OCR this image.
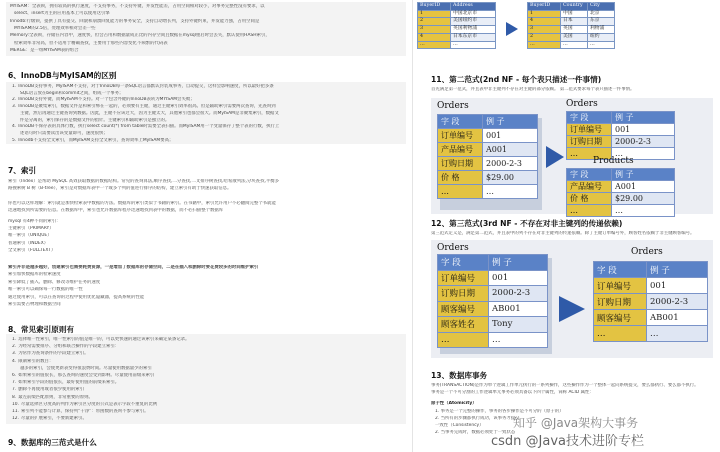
MYISAM：全表锁，拥有较高的执行速度，不支持事务，不支持外键，并发性能差，占用空间相对较小，对事务完整性没有要求，以
select、insert为主的应用基本上可以使用这引擎
Innodb:行级锁，提供了具有提交、回滚和崩溃回复能力的事务安全，支持自动增长列，支持外键约束，并发能力强，占用空间是
MYISAM的2.5倍，处理效率相对会差一些
Memory:全表锁，存储在内容中，速度快，但会占用和数据量成正比的内存空间且数据在mysql重启时会丢失，默认使用HASH索引，
检索效率非常高，但不适用于精确查找，主要用于那些内容变化不频繁的代码表
MERGE：是一组MYISAM表的组合
6、InnoDB与MyISAM的区别
1. InnoDB支持事务，MyISAM不支持，对于InnoDB每一条SQL语言都默认封装成事务，自动提交，这样会影响速度，所以最好把多条
SQL语言放在begin和commit之间，组成一个事务；
2. InnoDB支持外键，而MyISAM不支持。对一个包含外键的InnoDB表转为MYISAM会失败；
3. InnoDB是聚集索引，数据文件是和索引绑在一起的，必须要有主键，通过主键索引效率很高。但是辅助索引需要两次查询，先查询到
主键，然后再通过主键查询到数据。因此，主键不应该过大，因为主键太大，其他索引也都会很大。而MyISAM是非聚集索引，数据文
件是分离的，索引保存的是数据文件的指针。主键索引和辅助索引是独立的。
4. InnoDB不保存表的具体行数，执行select count(*) from table时需要全表扫描。而MyISAM用一个变量保存了整个表的行数，执行上
述语句时只需要读出该变量即可，速度很快；
5. Innodb不支持全文索引，而MyISAM支持全文索引，查询效率上MyISAM要高；
7、索引
索引（Index）是帮助 MySQL 高效获取数据的数据结构。常见的查询算法,顺序查找,二分查找,二叉排序树查找,哈希散列法,分块查找,平衡多
路搜索树 B 树（B-tree），索引是对数据库表中一个或多个列的值进行排序的结构，建立索引有助于快速获取信息。
你也可以这样理解：索引就是加快检索表中数据的方法。数据库的索引类似于书籍的索引。在书籍中，索引允许用户不必翻阅完整个书就能
迅速地找到所需要的信息。在数据库中，索引也允许数据库程序迅速地找到表中的数据，而不必扫描整个数据库
mysql 有4种不同的索引：
主键索引（PRIMARY）
唯一索引（UNIQUE）
普通索引（INDEX）
全文索引（FULLTEXT）
索引并非是越多越好，创建索引也需要耗费资源，一是增加了数据库的存储空间，二是在插入和删除时要花费较多的时间维护索引
索引加快数据库的检索速度
索引降低了插入、删除、修改等维护任务的速度
唯一索引可以确保每一行数据的唯一性
通过使用索引，可以在查询的过程中使用优化隐藏器，提高系统的性能
索引需要占物理和数据空间
8、常见索引原则有
1. 选择唯一性索引，唯一性索引的值是唯一的，可以更快速的通过该索引来确定某条记录。
2. 为经常需要排序、分组和联合操作的字段建立索引：
3. 为常作为查询条件的字段建立索引。
4. 限制索引的数目：
越多的索引，会使更新表变得很浪费时间。尽量使用数据量少的索引
6. 如果索引的值很长，那么查询的速度会受到影响。尽量使用前缀来索引
7. 如果索引字段的值很长，最好使用值的前缀来索引。
7. 删除不再使用或者很少使用的索引
8. 最左前缀匹配原则，非常重要的原则。
10. 尽量选择区分度高的列作为索引区分度的公式是表示字段不重复的比例
11. 索引列不能参与计算，保持列“干净”：带函数的查询不参与索引。
12. 尽量的扩展索引，不要新建索引。
9、数据库的三范式是什么
BuyerID	Address
1	中国北京市
2	美国纽约市
3	英国利物浦
4	日本东京市
…	…
BuyerID	Country	City
1	中国	北京
4	日本	东京
3	英国	利物浦
2	美国	纽约
…	…	…
11、第二范式(2nd NF - 每个表只描述一件事情)
首先满足第一范式，并且表中非主键列不存在对主键的部分依赖。 第二范式要求每个表只描述一件事情。
Orders
字 段	例 子
订单编号	001
产品编号	A001
订购日期	2000-2-3
价 格	$29.00
…	…
Orders
字 段	例 子
订单编号	001
订购日期	2000-2-3
…	…
Products
字 段	例 子
产品编号	A001
价 格	$29.00
…	…
12、第三范式(3rd NF - 不存在对非主键列的传递依赖)
第三范式定义是，满足第二范式，并且表中的列不存在对非主键列的传递依赖。除了主键订单编号外，顾客姓名依赖于非主键顾客编号。
Orders
字 段	例 子
订单编号	001
订购日期	2000-2-3
顾客编号	AB001
顾客姓名	Tony
…	…
Orders
字 段	例 子
订单编号	001
订购日期	2000-2-3
顾客编号	AB001
…	…
13、数据库事务
事务(TRANSACTION)是作为单个逻辑工作单元执行的一系列操作，这些操作作为一个整体一起向系统提交，要么都执行、要么都不执行。
事务是一个不可分割的工作逻辑单元事务必须具备以下四个属性，简称 ACID 属性：
原子性（Atomicity）
1. 事务是一个完整的操作，事务的各步操作是不可分的（原子的）
2. 当所有的步骤都执行成功，该事务才提交
一致性（Consistency）
2. 当事务完成时，数据必须处于一致状态
知乎 @Java架构大事务
csdn @Java技术进阶专栏
